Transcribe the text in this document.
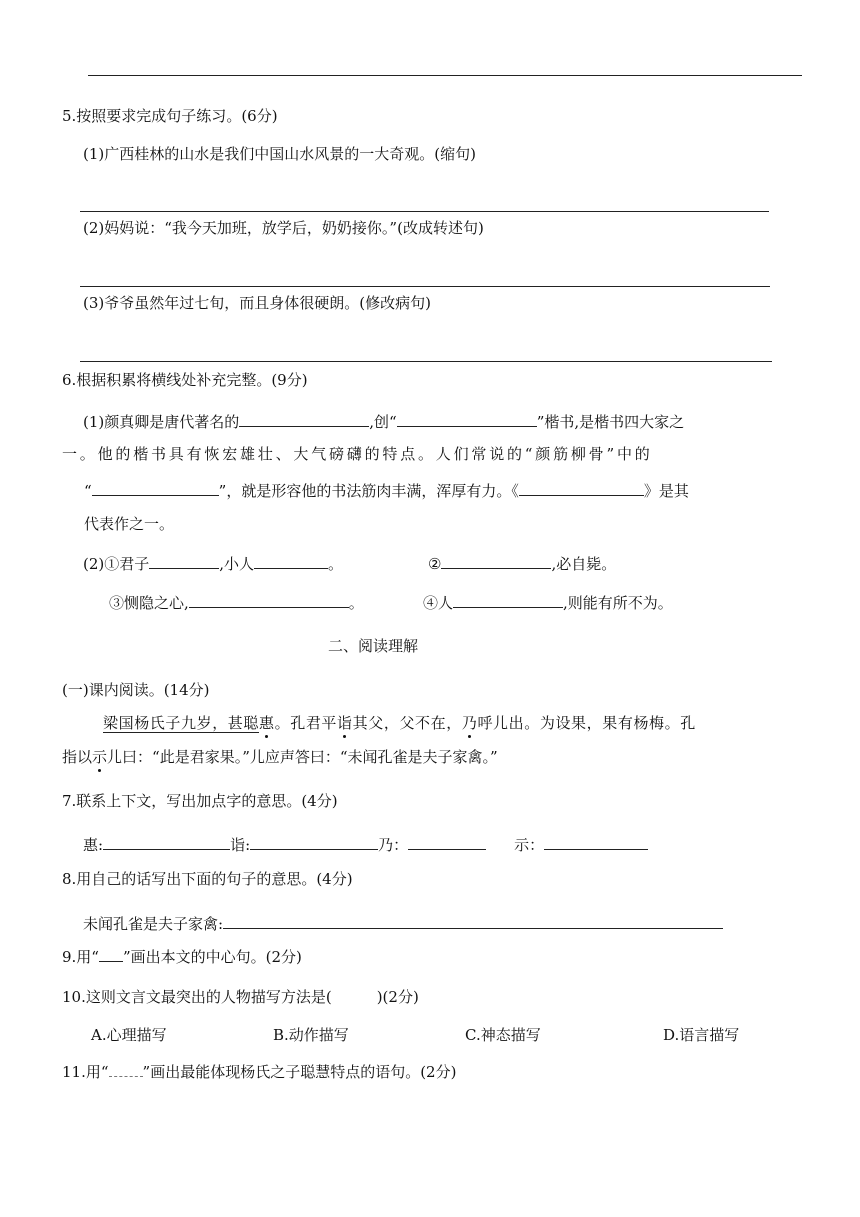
5.按照要求完成句子练习。(6分)
(1)广西桂林的山水是我们中国山水风景的一大奇观。(缩句)
(2)妈妈说：“我今天加班，放学后，奶奶接你。”(改成转述句)
(3)爷爷虽然年过七旬，而且身体很硬朗。(修改病句)
6.根据积累将横线处补充完整。(9分)
(1)颜真卿是唐代著名的	,创“	”楷书,是楷书四大家之
一。他的楷书具有恢宏雄壮、大气磅礴的特点。人们常说的“颜筋柳骨”中的
“	”，就是形容他的书法筋肉丰满，浑厚有力。《	》是其
代表作之一。
(2)①君子	,小人	。	②	,必自毙。
③恻隐之心,	。	④人	,则能有所不为。
二、阅读理解
(一)课内阅读。(14分)
梁国杨氏子九岁，甚聪惠。孔君平诣其父，父不在，乃呼儿出。为设果，果有杨梅。孔
指以示儿曰：“此是君家果。”儿应声答曰：“未闻孔雀是夫子家禽。”
7.联系上下文，写出加点字的意思。(4分)
惠:	诣:	乃：	示：
8.用自己的话写出下面的句子的意思。(4分)
未闻孔雀是夫子家禽:
9.用“ ”画出本文的中心句。(2分)
10.这则文言文最突出的人物描写方法是(　　　)(2分)
A.心理描写	B.动作描写	C.神态描写	D.语言描写
11.用“ ”画出最能体现杨氏之子聪慧特点的语句。(2分)
